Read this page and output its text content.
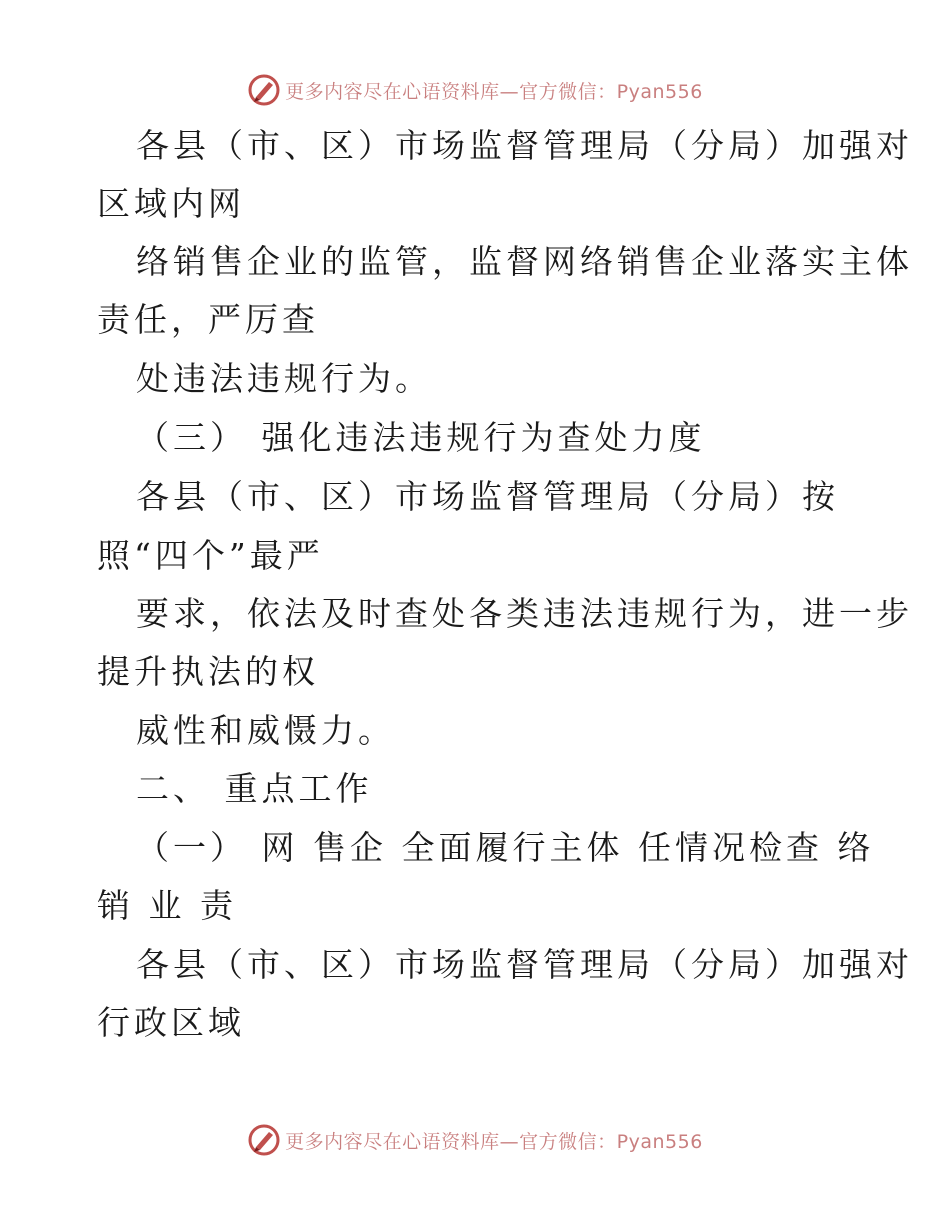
更多内容尽在心语资料库—官方微信：Pyan556
各县（市、区）市场监督管理局（分局）加强对
区域内网
络销售企业的监管，监督网络销售企业落实主体
责任，严厉查
处违法违规行为。
（三） 强化违法违规行为查处力度
各县（市、区）市场监督管理局（分局）按
照“四个”最严
要求，依法及时查处各类违法违规行为，进一步
提升执法的权
威性和威慑力。
二、 重点工作
（一） 网 售企 全面履行主体 任情况检查 络
销 业 责
各县（市、区）市场监督管理局（分局）加强对
行政区域
更多内容尽在心语资料库—官方微信：Pyan556
